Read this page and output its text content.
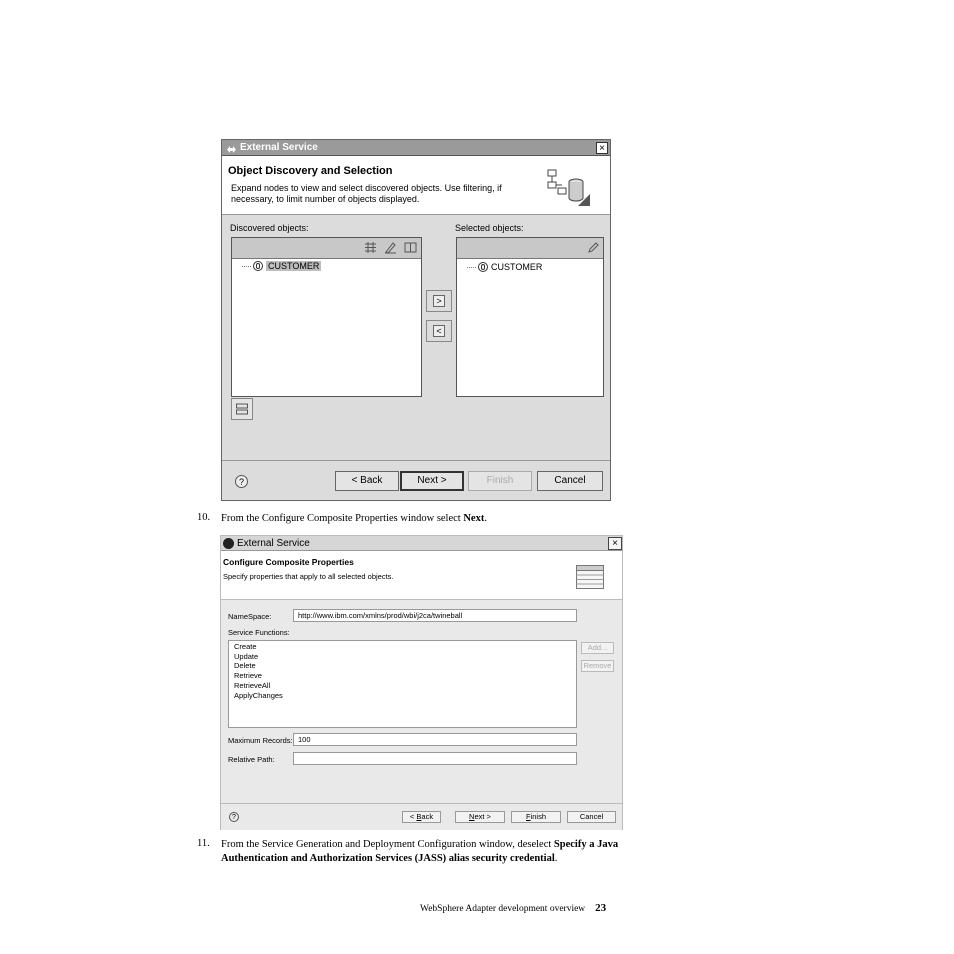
External Service	×
Object Discovery and Selection
Expand nodes to view and select discovered objects. Use filtering, if necessary, to limit number of objects displayed.
Discovered objects:	Selected objects:
····· CUSTOMER
>
<
····· CUSTOMER
?	< Back	Next >	Finish	Cancel
10. From the Configure Composite Properties window select Next.
External Service	×
Configure Composite Properties
Specify properties that apply to all selected objects.
NameSpace:	http://www.ibm.com/xmlns/prod/wbi/j2ca/twineball
Service Functions:
Create
Update
Delete
Retrieve
RetrieveAll
ApplyChanges
Add...
Remove
Maximum Records: 100
Relative Path:
?	< Back	Next >	Finish	Cancel
11. From the Service Generation and Deployment Configuration window, deselect Specify a Java Authentication and Authorization Services (JASS) alias security credential.
WebSphere Adapter development overview 23
